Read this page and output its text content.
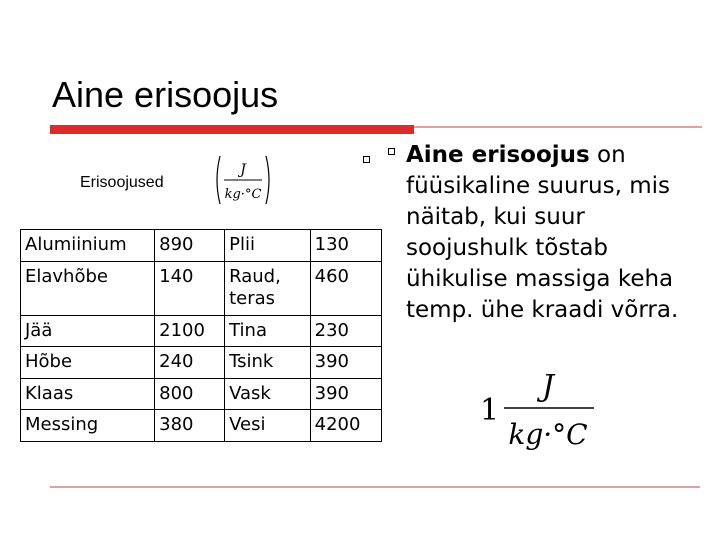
Aine erisoojus
Erisoojused
J
kg·°C
Alumiinium	890	Plii	130
Elavhõbe	140	Raud, teras	460
Jää	2100	Tina	230
Hõbe	240	Tsink	390
Klaas	800	Vask	390
Messing	380	Vesi	4200
Aine erisoojus on füüsikaline suurus, mis näitab, kui suur soojushulk tõstab ühikulise massiga keha temp. ühe kraadi võrra.
1
J
kg·°C
